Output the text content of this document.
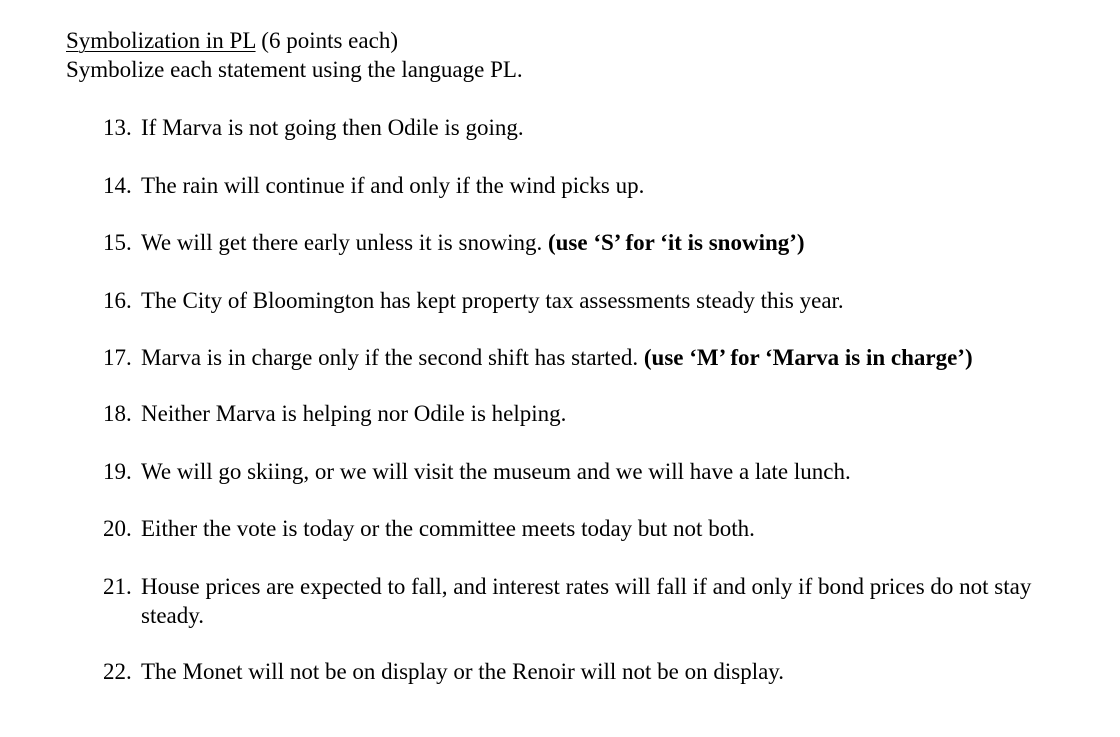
Symbolization in PL (6 points each)
Symbolize each statement using the language PL.
13. If Marva is not going then Odile is going.
14. The rain will continue if and only if the wind picks up.
15. We will get there early unless it is snowing. (use ‘S’ for ‘it is snowing’)
16. The City of Bloomington has kept property tax assessments steady this year.
17. Marva is in charge only if the second shift has started. (use ‘M’ for ‘Marva is in charge’)
18. Neither Marva is helping nor Odile is helping.
19. We will go skiing, or we will visit the museum and we will have a late lunch.
20. Either the vote is today or the committee meets today but not both.
21. House prices are expected to fall, and interest rates will fall if and only if bond prices do not stay steady.
22. The Monet will not be on display or the Renoir will not be on display.
